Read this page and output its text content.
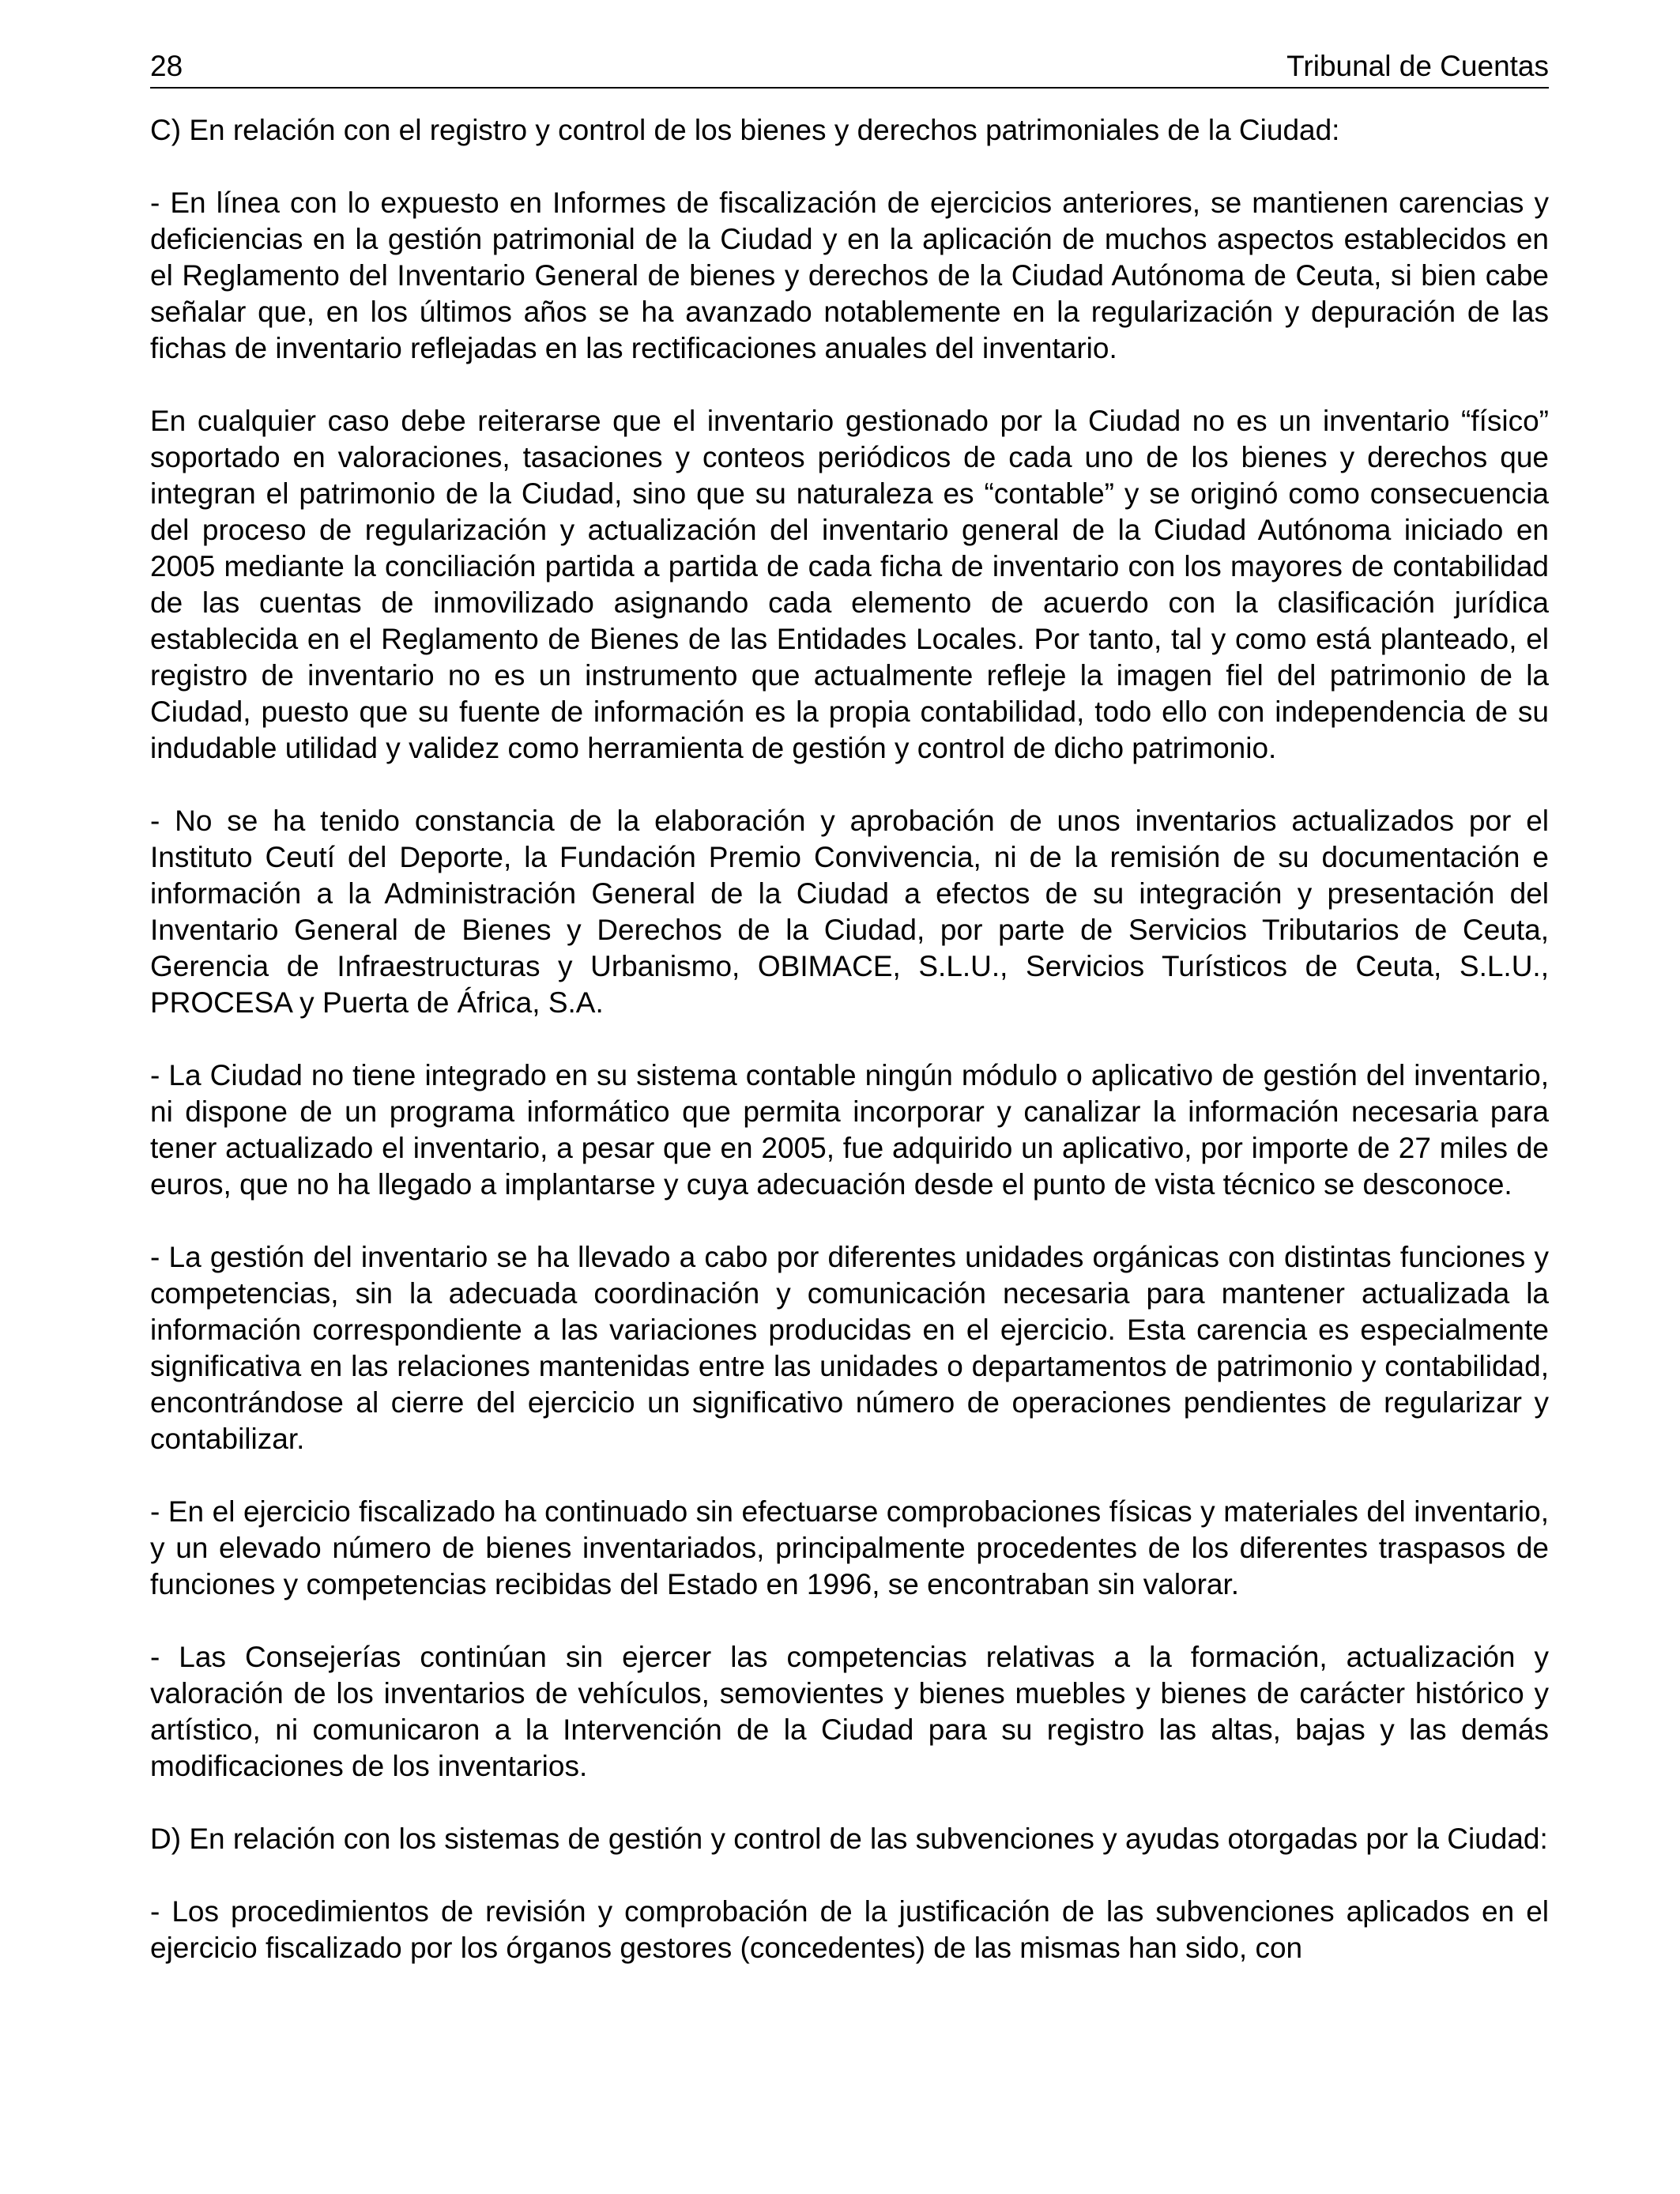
28	Tribunal de Cuentas

C) En relación con el registro y control de los bienes y derechos patrimoniales de la Ciudad:

- En línea con lo expuesto en Informes de fiscalización de ejercicios anteriores, se mantienen carencias y deficiencias en la gestión patrimonial de la Ciudad y en la aplicación de muchos aspectos establecidos en el Reglamento del Inventario General de bienes y derechos de la Ciudad Autónoma de Ceuta, si bien cabe señalar que, en los últimos años se ha avanzado notablemente en la regularización y depuración de las fichas de inventario reflejadas en las rectificaciones anuales del inventario.

En cualquier caso debe reiterarse que el inventario gestionado por la Ciudad no es un inventario “físico” soportado en valoraciones, tasaciones y conteos periódicos de cada uno de los bienes y derechos que integran el patrimonio de la Ciudad, sino que su naturaleza es “contable” y se originó como consecuencia del proceso de regularización y actualización del inventario general de la Ciudad Autónoma iniciado en 2005 mediante la conciliación partida a partida de cada ficha de inventario con los mayores de contabilidad de las cuentas de inmovilizado asignando cada elemento de acuerdo con la clasificación jurídica establecida en el Reglamento de Bienes de las Entidades Locales. Por tanto, tal y como está planteado, el registro de inventario no es un instrumento que actualmente refleje la imagen fiel del patrimonio de la Ciudad, puesto que su fuente de información es la propia contabilidad, todo ello con independencia de su indudable utilidad y validez como herramienta de gestión y control de dicho patrimonio.

- No se ha tenido constancia de la elaboración y aprobación de unos inventarios actualizados por el Instituto Ceutí del Deporte, la Fundación Premio Convivencia, ni de la remisión de su documentación e información a la Administración General de la Ciudad a efectos de su integración y presentación del Inventario General de Bienes y Derechos de la Ciudad, por parte de Servicios Tributarios de Ceuta, Gerencia de Infraestructuras y Urbanismo, OBIMACE, S.L.U., Servicios Turísticos de Ceuta, S.L.U., PROCESA y Puerta de África, S.A.

- La Ciudad no tiene integrado en su sistema contable ningún módulo o aplicativo de gestión del inventario, ni dispone de un programa informático que permita incorporar y canalizar la información necesaria para tener actualizado el inventario, a pesar que en 2005, fue adquirido un aplicativo, por importe de 27 miles de euros, que no ha llegado a implantarse y cuya adecuación desde el punto de vista técnico se desconoce.

- La gestión del inventario se ha llevado a cabo por diferentes unidades orgánicas con distintas funciones y competencias, sin la adecuada coordinación y comunicación necesaria para mantener actualizada la información correspondiente a las variaciones producidas en el ejercicio. Esta carencia es especialmente significativa en las relaciones mantenidas entre las unidades o departamentos de patrimonio y contabilidad, encontrándose al cierre del ejercicio un significativo número de operaciones pendientes de regularizar y contabilizar.

- En el ejercicio fiscalizado ha continuado sin efectuarse comprobaciones físicas y materiales del inventario, y un elevado número de bienes inventariados, principalmente procedentes de los diferentes traspasos de funciones y competencias recibidas del Estado en 1996, se encontraban sin valorar.

- Las Consejerías continúan sin ejercer las competencias relativas a la formación, actualización y valoración de los inventarios de vehículos, semovientes y bienes muebles y bienes de carácter histórico y artístico, ni comunicaron a la Intervención de la Ciudad para su registro las altas, bajas y las demás modificaciones de los inventarios.

D) En relación con los sistemas de gestión y control de las subvenciones y ayudas otorgadas por la Ciudad:

- Los procedimientos de revisión y comprobación de la justificación de las subvenciones aplicados en el ejercicio fiscalizado por los órganos gestores (concedentes) de las mismas han sido, con
